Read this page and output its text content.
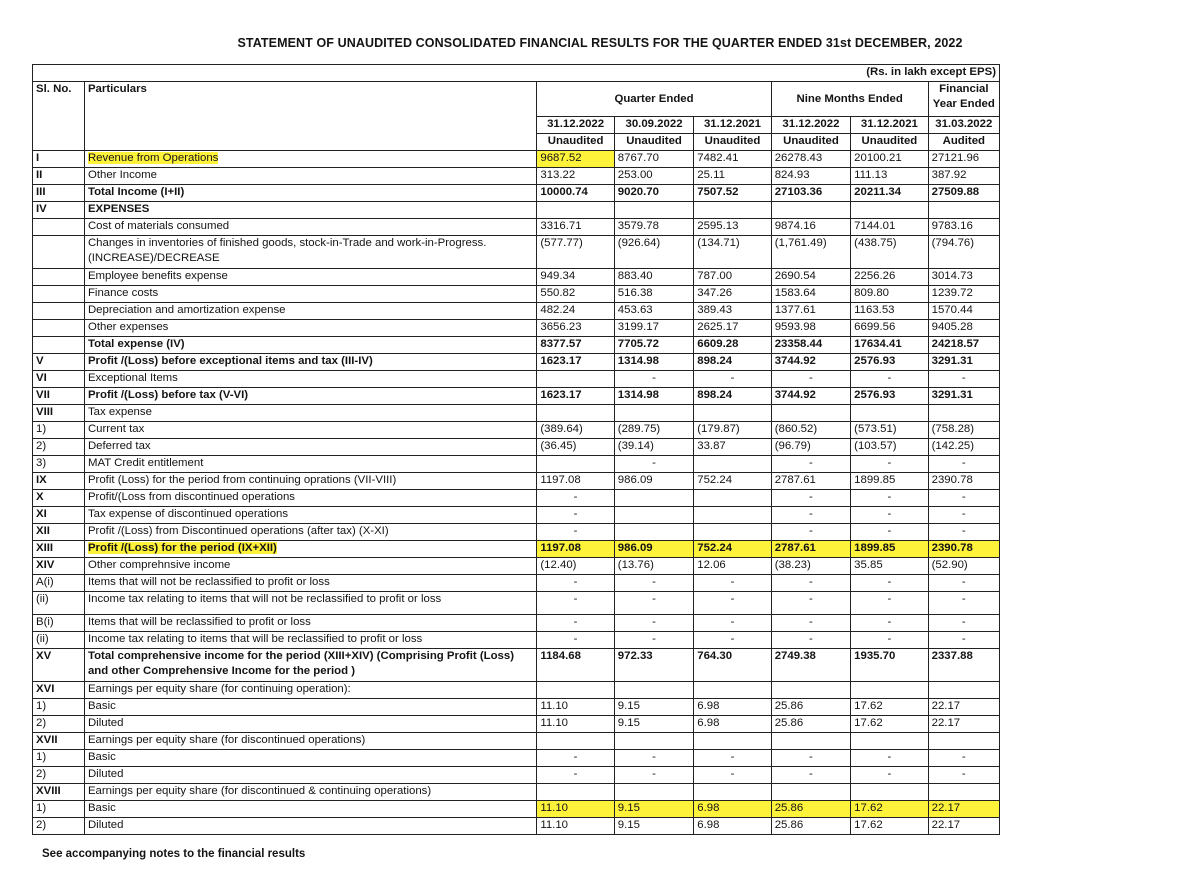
STATEMENT OF UNAUDITED CONSOLIDATED FINANCIAL RESULTS FOR THE QUARTER ENDED 31st DECEMBER, 2022
(Rs. in lakh except EPS)							
Sl. No.	Particulars	Quarter Ended			Nine Months Ended		Financial Year Ended
		31.12.2022	30.09.2022	31.12.2021	31.12.2022	31.12.2021	31.03.2022
		Unaudited	Unaudited	Unaudited	Unaudited	Unaudited	Audited
I	Revenue from Operations	9687.52	8767.70	7482.41	26278.43	20100.21	27121.96
II	Other Income	313.22	253.00	25.11	824.93	111.13	387.92
III	Total Income (I+II)	10000.74	9020.70	7507.52	27103.36	20211.34	27509.88
IV	EXPENSES						
	Cost of materials consumed	3316.71	3579.78	2595.13	9874.16	7144.01	9783.16
	Changes in inventories of finished goods, stock-in-Trade and work-in-Progress.(INCREASE)/DECREASE	(577.77)	(926.64)	(134.71)	(1,761.49)	(438.75)	(794.76)
	Employee benefits expense	949.34	883.40	787.00	2690.54	2256.26	3014.73
	Finance costs	550.82	516.38	347.26	1583.64	809.80	1239.72
	Depreciation and amortization expense	482.24	453.63	389.43	1377.61	1163.53	1570.44
	Other expenses	3656.23	3199.17	2625.17	9593.98	6699.56	9405.28
	Total expense (IV)	8377.57	7705.72	6609.28	23358.44	17634.41	24218.57
V	Profit /(Loss) before exceptional items and tax (III-IV)	1623.17	1314.98	898.24	3744.92	2576.93	3291.31
VI	Exceptional Items		-	-	-	-	-
VII	Profit /(Loss) before tax (V-VI)	1623.17	1314.98	898.24	3744.92	2576.93	3291.31
VIII	Tax expense						
1)	Current tax	(389.64)	(289.75)	(179.87)	(860.52)	(573.51)	(758.28)
2)	Deferred tax	(36.45)	(39.14)	33.87	(96.79)	(103.57)	(142.25)
3)	MAT Credit entitlement		-		-	-	-
IX	Profit (Loss) for the period from continuing oprations (VII-VIII)	1197.08	986.09	752.24	2787.61	1899.85	2390.78
X	Profit/(Loss from discontinued operations	-			-	-	-
XI	Tax expense of discontinued operations	-			-	-	-
XII	Profit /(Loss) from Discontinued operations (after tax) (X-XI)	-			-	-	-
XIII	Profit /(Loss) for the period (IX+XII)	1197.08	986.09	752.24	2787.61	1899.85	2390.78
XIV	Other comprehnsive income	(12.40)	(13.76)	12.06	(38.23)	35.85	(52.90)
A(i)	Items that will not be reclassified to profit or loss	-	-	-	-	-	-
(ii)	Income tax relating to items that will not be reclassified to profit or loss	-	-	-	-	-	-
B(i)	Items that will be reclassified to profit or loss	-	-	-	-	-	-
(ii)	Income tax relating to items that will be reclassified to profit or loss	-	-	-	-	-	-
XV	Total comprehensive income for the period (XIII+XIV) (Comprising Profit (Loss) and other Comprehensive Income for the period )	1184.68	972.33	764.30	2749.38	1935.70	2337.88
XVI	Earnings per equity share (for continuing operation):						
1)	Basic	11.10	9.15	6.98	25.86	17.62	22.17
2)	Diluted	11.10	9.15	6.98	25.86	17.62	22.17
XVII	Earnings per equity share (for discontinued operations)						
1)	Basic	-	-	-	-	-	-
2)	Diluted	-	-	-	-	-	-
XVIII	Earnings per equity share (for discontinued & continuing operations)						
1)	Basic	11.10	9.15	6.98	25.86	17.62	22.17
2)	Diluted	11.10	9.15	6.98	25.86	17.62	22.17
See accompanying notes to the financial results
